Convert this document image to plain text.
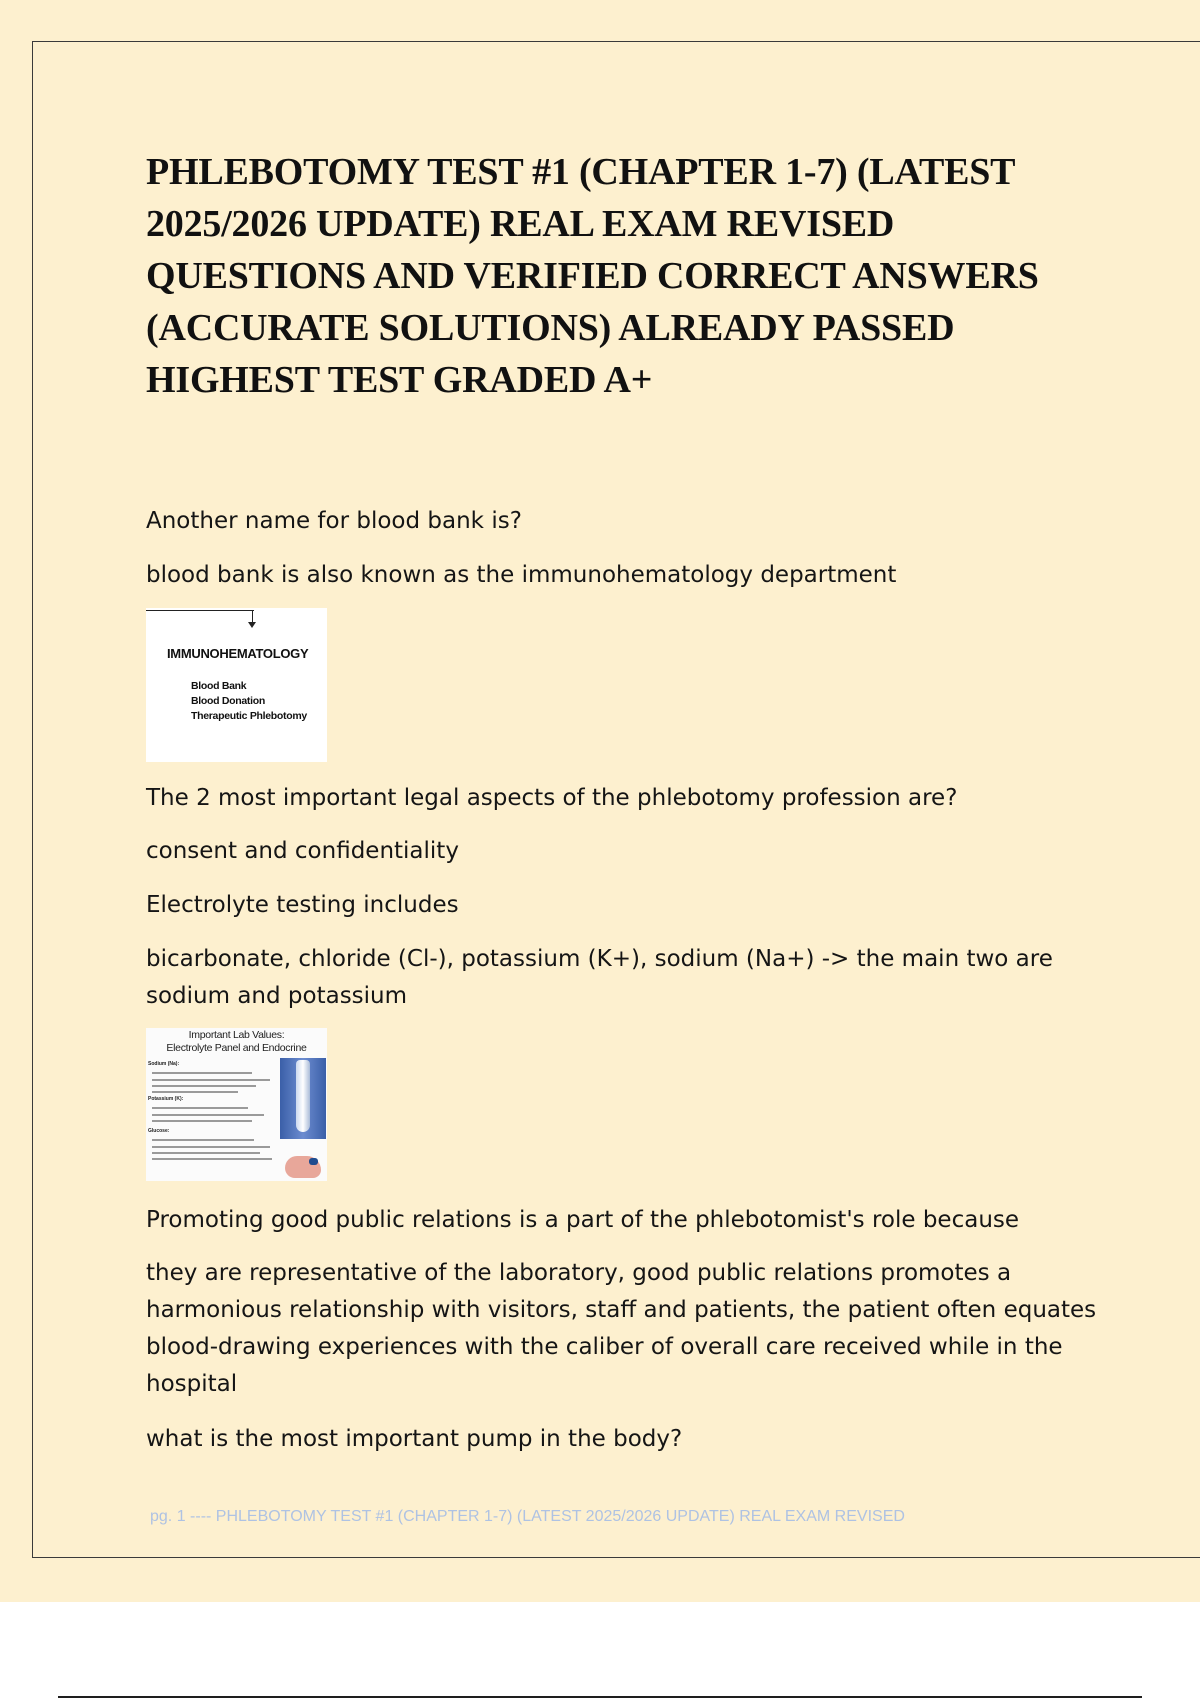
PHLEBOTOMY TEST #1 (CHAPTER 1-7) (LATEST 2025/2026 UPDATE) REAL EXAM REVISED QUESTIONS AND VERIFIED CORRECT ANSWERS (ACCURATE SOLUTIONS) ALREADY PASSED HIGHEST TEST GRADED A+

Another name for blood bank is?

blood bank is also known as the immunohematology department

IMMUNOHEMATOLOGY
Blood Bank
Blood Donation
Therapeutic Phlebotomy

The 2 most important legal aspects of the phlebotomy profession are?

consent and confidentiality

Electrolyte testing includes

bicarbonate, chloride (Cl-), potassium (K+), sodium (Na+) -> the main two are sodium and potassium

Important Lab Values:
Electrolyte Panel and Endocrine
Sodium (Na):
Potassium (K):
Glucose:

Promoting good public relations is a part of the phlebotomist's role because

they are representative of the laboratory, good public relations promotes a harmonious relationship with visitors, staff and patients, the patient often equates blood-drawing experiences with the caliber of overall care received while in the hospital

what is the most important pump in the body?

pg. 1 ---- PHLEBOTOMY TEST #1 (CHAPTER 1-7) (LATEST 2025/2026 UPDATE) REAL EXAM REVISED
